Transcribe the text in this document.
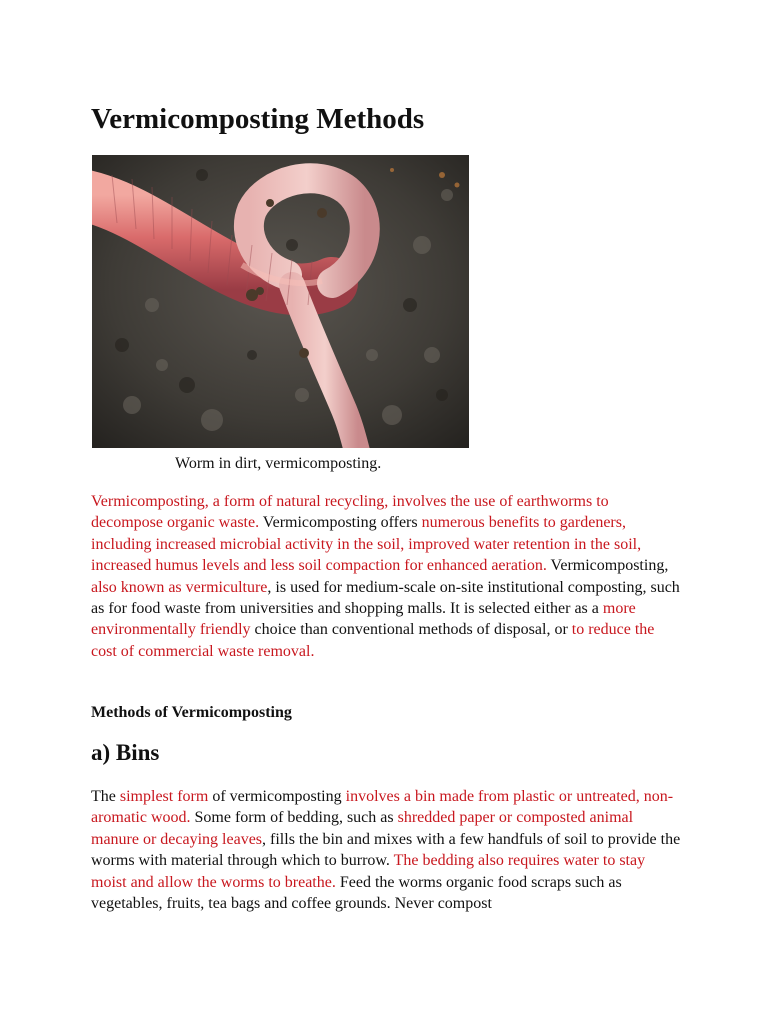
Vermicomposting Methods
Worm in dirt, vermicomposting.

Vermicomposting, a form of natural recycling, involves the use of earthworms to decompose organic waste. Vermicomposting offers numerous benefits to gardeners, including increased microbial activity in the soil, improved water retention in the soil, increased humus levels and less soil compaction for enhanced aeration. Vermicomposting, also known as vermiculture, is used for medium-scale on-site institutional composting, such as for food waste from universities and shopping malls. It is selected either as a more environmentally friendly choice than conventional methods of disposal, or to reduce the cost of commercial waste removal.

Methods of Vermicomposting
a) Bins

The simplest form of vermicomposting involves a bin made from plastic or untreated, non-aromatic wood. Some form of bedding, such as shredded paper or composted animal manure or decaying leaves, fills the bin and mixes with a few handfuls of soil to provide the worms with material through which to burrow. The bedding also requires water to stay moist and allow the worms to breathe. Feed the worms organic food scraps such as vegetables, fruits, tea bags and coffee grounds. Never compost
